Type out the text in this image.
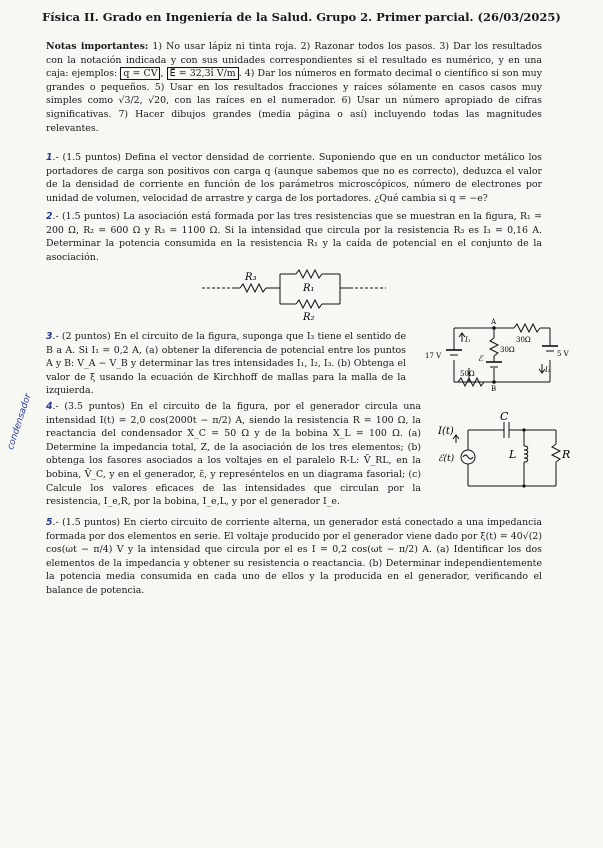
Física II. Grado en Ingeniería de la Salud. Grupo 2. Primer parcial. (26/03/2025)
Notas importantes: 1) No usar lápiz ni tinta roja. 2) Razonar todos los pasos. 3) Dar los resultados con la notación indicada y con sus unidades correspondientes si el resultado es numérico, y en una caja: ejemplos: q = CV , E⃗ = 32,3î V/m . 4) Dar los números en formato decimal o científico si son muy grandes o pequeños. 5) Usar en los resultados fracciones y raíces sólamente en casos casos muy simples como √3/2, √20, con las raíces en el numerador. 6) Usar un número apropiado de cifras significativas. 7) Hacer dibujos grandes (media página o así) incluyendo todas las magnitudes relevantes.
1.- (1.5 puntos) Defina el vector densidad de corriente. Suponiendo que en un conductor metálico los portadores de carga son positivos con carga q (aunque sabemos que no es correcto), deduzca el valor de la densidad de corriente en función de los parámetros microscópicos, número de electrones por unidad de volumen, velocidad de arrastre y carga de los portadores. ¿Qué cambia si q = −e?
2.- (1.5 puntos) La asociación está formada por las tres resistencias que se muestran en la figura, R₁ = 200 Ω, R₂ = 600 Ω y R₃ = 1100 Ω. Si la intensidad que circula por la resistencia R₃ es I₃ = 0,16 A. Determinar la potencia consumida en la resistencia R₁ y la caída de potencial en el conjunto de la asociación.
R₃
R₁
R₂
3.- (2 puntos) En el circuito de la figura, suponga que I₃ tiene el sentido de B a A. Si I₁ = 0,2 A, (a) obtener la diferencia de potencial entre los puntos A y B: V_A − V_B y determinar las tres intensidades I₁, I₂, I₃. (b) Obtenga el valor de ξ usando la ecuación de Kirchhoff de mallas para la malla de la izquierda.
A
B
30Ω
30Ω
50Ω
17 V	5 V
I₁
I₂
ℰ
4.- (3.5 puntos) En el circuito de la figura, por el generador circula una intensidad I(t) = 2,0 cos(2000t − π/2) A, siendo la resistencia R = 100 Ω, la reactancia del condensador X_C = 50 Ω y de la bobina X_L = 100 Ω. (a) Determine la impedancia total, Z, de la asociación de los tres elementos; (b) obtenga los fasores asociados a los voltajes en el paralelo R-L: V̄_RL, en la bobina, V̄_C, y en el generador, ε̄, y represéntelos en un diagrama fasorial; (c) Calcule los valores eficaces de las intensidades que circulan por la resistencia, I_e,R, por la bobina, I_e,L, y por el generador I_e.
C
L	R
I(t)
ℰ(t)
condensador
5.- (1.5 puntos) En cierto circuito de corriente alterna, un generador está conectado a una impedancia formada por dos elementos en serie. El voltaje producido por el generador viene dado por ξ(t) = 40√(2) cos(ωt − π/4) V y la intensidad que circula por el es I = 0,2 cos(ωt − π/2) A. (a) Identificar los dos elementos de la impedancia y obtener su resistencia o reactancia. (b) Determinar independientemente la potencia media consumida en cada uno de ellos y la producida en el generador, verificando el balance de potencia.
